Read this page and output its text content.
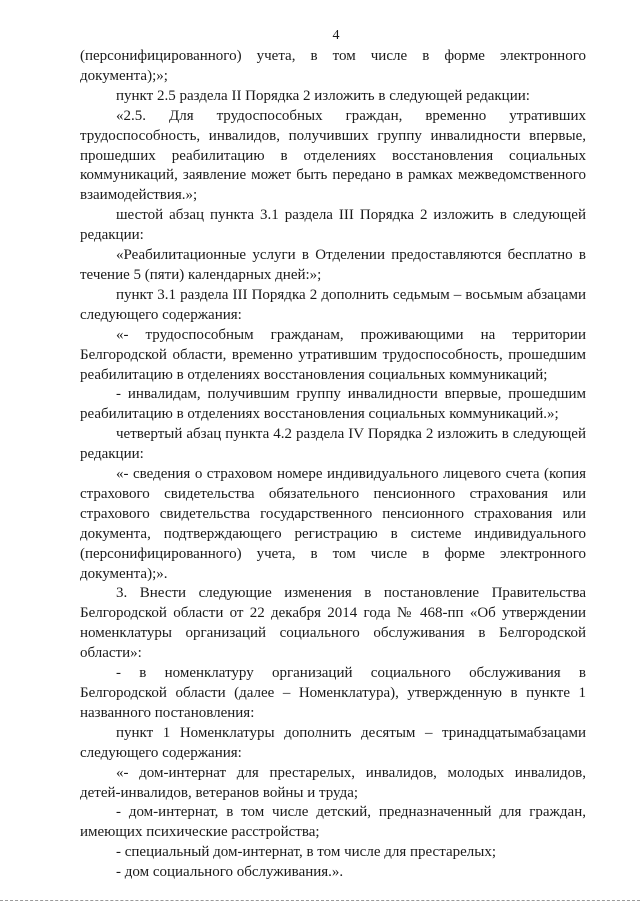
4

(персонифицированного) учета, в том числе в форме электронного документа);»;

пункт 2.5 раздела II Порядка 2 изложить в следующей редакции:

«2.5. Для трудоспособных граждан, временно утративших трудоспособность, инвалидов, получивших группу инвалидности впервые, прошедших реабилитацию в отделениях восстановления социальных коммуникаций, заявление может быть передано в рамках межведомственного взаимодействия.»;

шестой абзац пункта 3.1 раздела III Порядка 2 изложить в следующей редакции:

«Реабилитационные услуги в Отделении предоставляются бесплатно в течение 5 (пяти) календарных дней:»;

пункт 3.1 раздела III Порядка 2 дополнить седьмым – восьмым абзацами следующего содержания:

«- трудоспособным гражданам, проживающими на территории Белгородской области, временно утратившим трудоспособность, прошедшим реабилитацию в отделениях восстановления социальных коммуникаций;

- инвалидам, получившим группу инвалидности впервые, прошедшим реабилитацию в отделениях восстановления социальных коммуникаций.»;

четвертый абзац пункта 4.2 раздела IV Порядка 2 изложить в следующей редакции:

«- сведения о страховом номере индивидуального лицевого счета (копия страхового свидетельства обязательного пенсионного страхования или страхового свидетельства государственного пенсионного страхования или документа, подтверждающего регистрацию в системе индивидуального (персонифицированного) учета, в том числе в форме электронного документа);».

3. Внести следующие изменения в постановление Правительства Белгородской области от 22 декабря 2014 года № 468-пп «Об утверждении номенклатуры организаций социального обслуживания в Белгородской области»:

- в номенклатуру организаций социального обслуживания в Белгородской области (далее – Номенклатура), утвержденную в пункте 1 названного постановления:

пункт 1 Номенклатуры дополнить десятым – тринадцатымабзацами следующего содержания:

«- дом-интернат для престарелых, инвалидов, молодых инвалидов, детей-инвалидов, ветеранов войны и труда;

- дом-интернат, в том числе детский, предназначенный для граждан, имеющих психические расстройства;

- специальный дом-интернат, в том числе для престарелых;

- дом социального обслуживания.».
